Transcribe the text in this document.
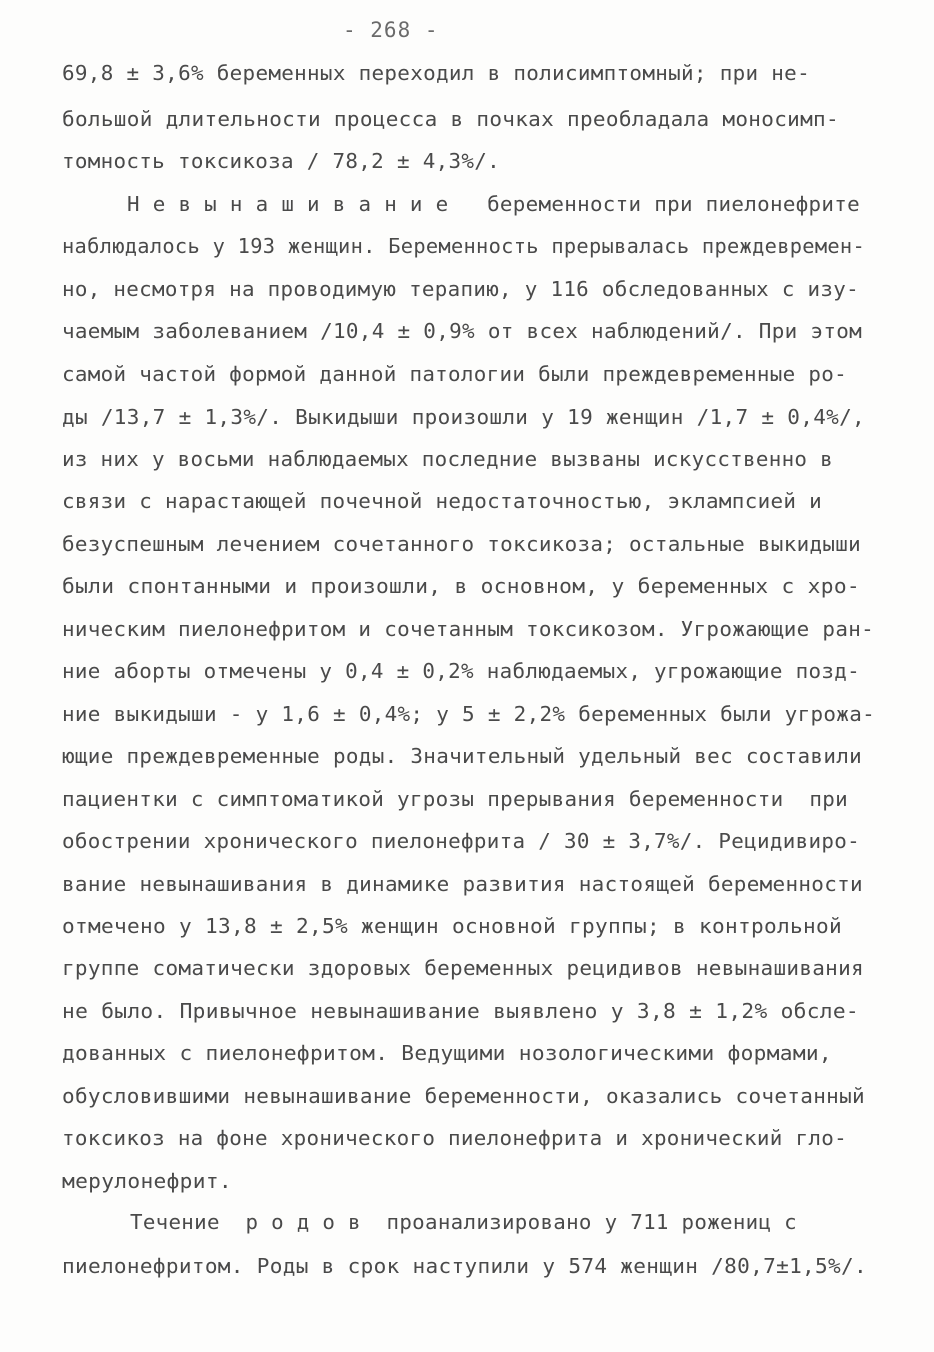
- 268 -
69,8 ± 3,6% беременных переходил в полисимптомный; при не-
большой длительности процесса в почках преобладала моносимп-
томность токсикоза / 78,2 ± 4,3%/.
Н е в ы н а ш и в а н и е   беременности при пиелонефрите
наблюдалось у 193 женщин. Беременность прерывалась преждевремен-
но, несмотря на проводимую терапию, у 116 обследованных с изу-
чаемым заболеванием /10,4 ± 0,9% от всех наблюдений/. При этом
самой частой формой данной патологии были преждевременные ро-
ды /13,7 ± 1,3%/. Выкидыши произошли у 19 женщин /1,7 ± 0,4%/,
из них у восьми наблюдаемых последние вызваны искусственно в
связи с нарастающей почечной недостаточностью, эклампсией и
безуспешным лечением сочетанного токсикоза; остальные выкидыши
были спонтанными и произошли, в основном, у беременных с хро-
ническим пиелонефритом и сочетанным токсикозом. Угрожающие ран-
ние аборты отмечены у 0,4 ± 0,2% наблюдаемых, угрожающие позд-
ние выкидыши - у 1,6 ± 0,4%; у 5 ± 2,2% беременных были угрожа-
ющие преждевременные роды. Значительный удельный вес составили
пациентки с симптоматикой угрозы прерывания беременности  при
обострении хронического пиелонефрита / 30 ± 3,7%/. Рецидивиро-
вание невынашивания в динамике развития настоящей беременности
отмечено у 13,8 ± 2,5% женщин основной группы; в контрольной
группе соматически здоровых беременных рецидивов невынашивания
не было. Привычное невынашивание выявлено у 3,8 ± 1,2% обсле-
дованных с пиелонефритом. Ведущими нозологическими формами,
обусловившими невынашивание беременности, оказались сочетанный
токсикоз на фоне хронического пиелонефрита и хронический гло-
мерулонефрит.
Течение  р о д о в  проанализировано у 711 рожениц с
пиелонефритом. Роды в срок наступили у 574 женщин /80,7±1,5%/.
